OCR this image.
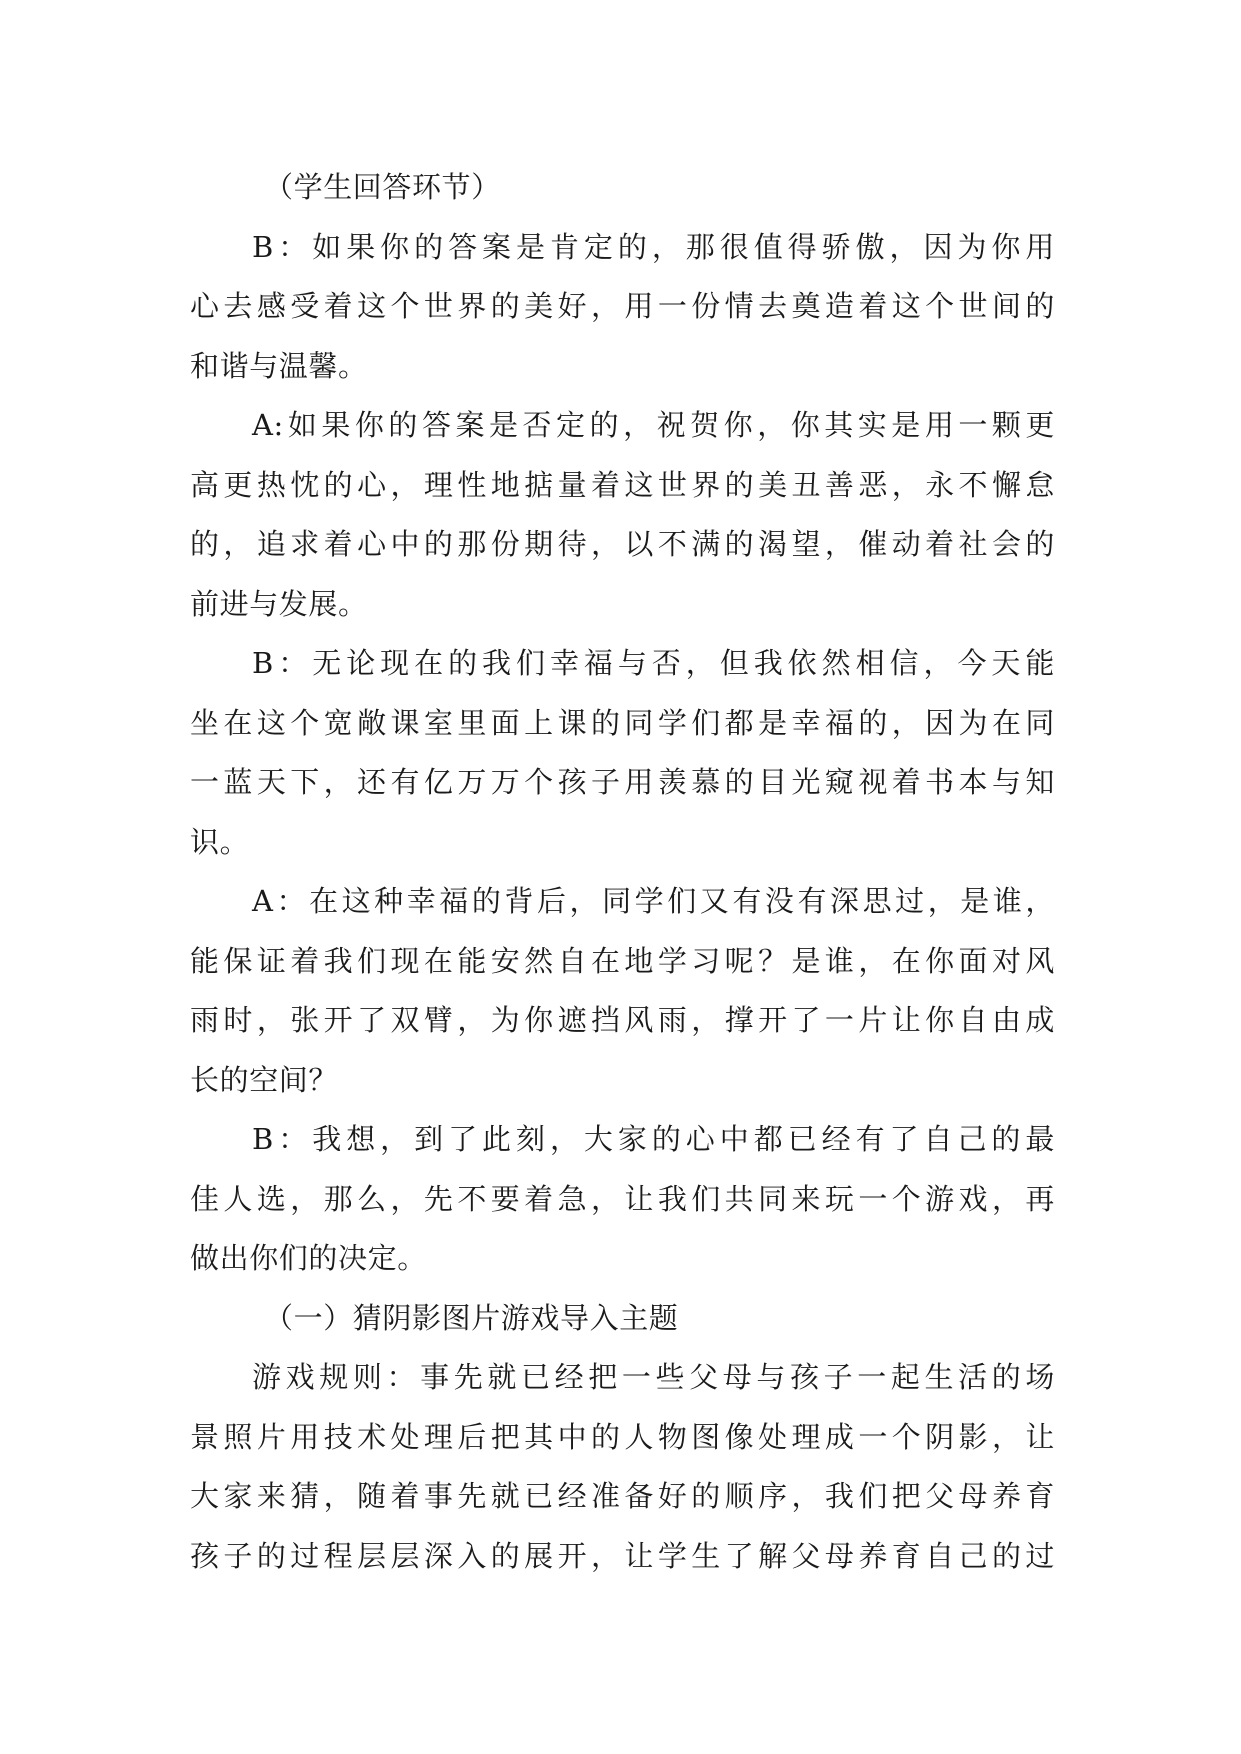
（学生回答环节）
B：如果你的答案是肯定的，那很值得骄傲，因为你用
心去感受着这个世界的美好，用一份情去奠造着这个世间的
和谐与温馨。
A:如果你的答案是否定的，祝贺你，你其实是用一颗更
高更热忱的心，理性地掂量着这世界的美丑善恶，永不懈怠
的，追求着心中的那份期待，以不满的渴望，催动着社会的
前进与发展。
B：无论现在的我们幸福与否，但我依然相信，今天能
坐在这个宽敞课室里面上课的同学们都是幸福的，因为在同
一蓝天下，还有亿万万个孩子用羡慕的目光窥视着书本与知
识。
A：在这种幸福的背后，同学们又有没有深思过，是谁，
能保证着我们现在能安然自在地学习呢？是谁，在你面对风
雨时，张开了双臂，为你遮挡风雨，撑开了一片让你自由成
长的空间？
B：我想，到了此刻，大家的心中都已经有了自己的最
佳人选，那么，先不要着急，让我们共同来玩一个游戏，再
做出你们的决定。
（一）猜阴影图片游戏导入主题
游戏规则：事先就已经把一些父母与孩子一起生活的场
景照片用技术处理后把其中的人物图像处理成一个阴影，让
大家来猜，随着事先就已经准备好的顺序，我们把父母养育
孩子的过程层层深入的展开，让学生了解父母养育自己的过
